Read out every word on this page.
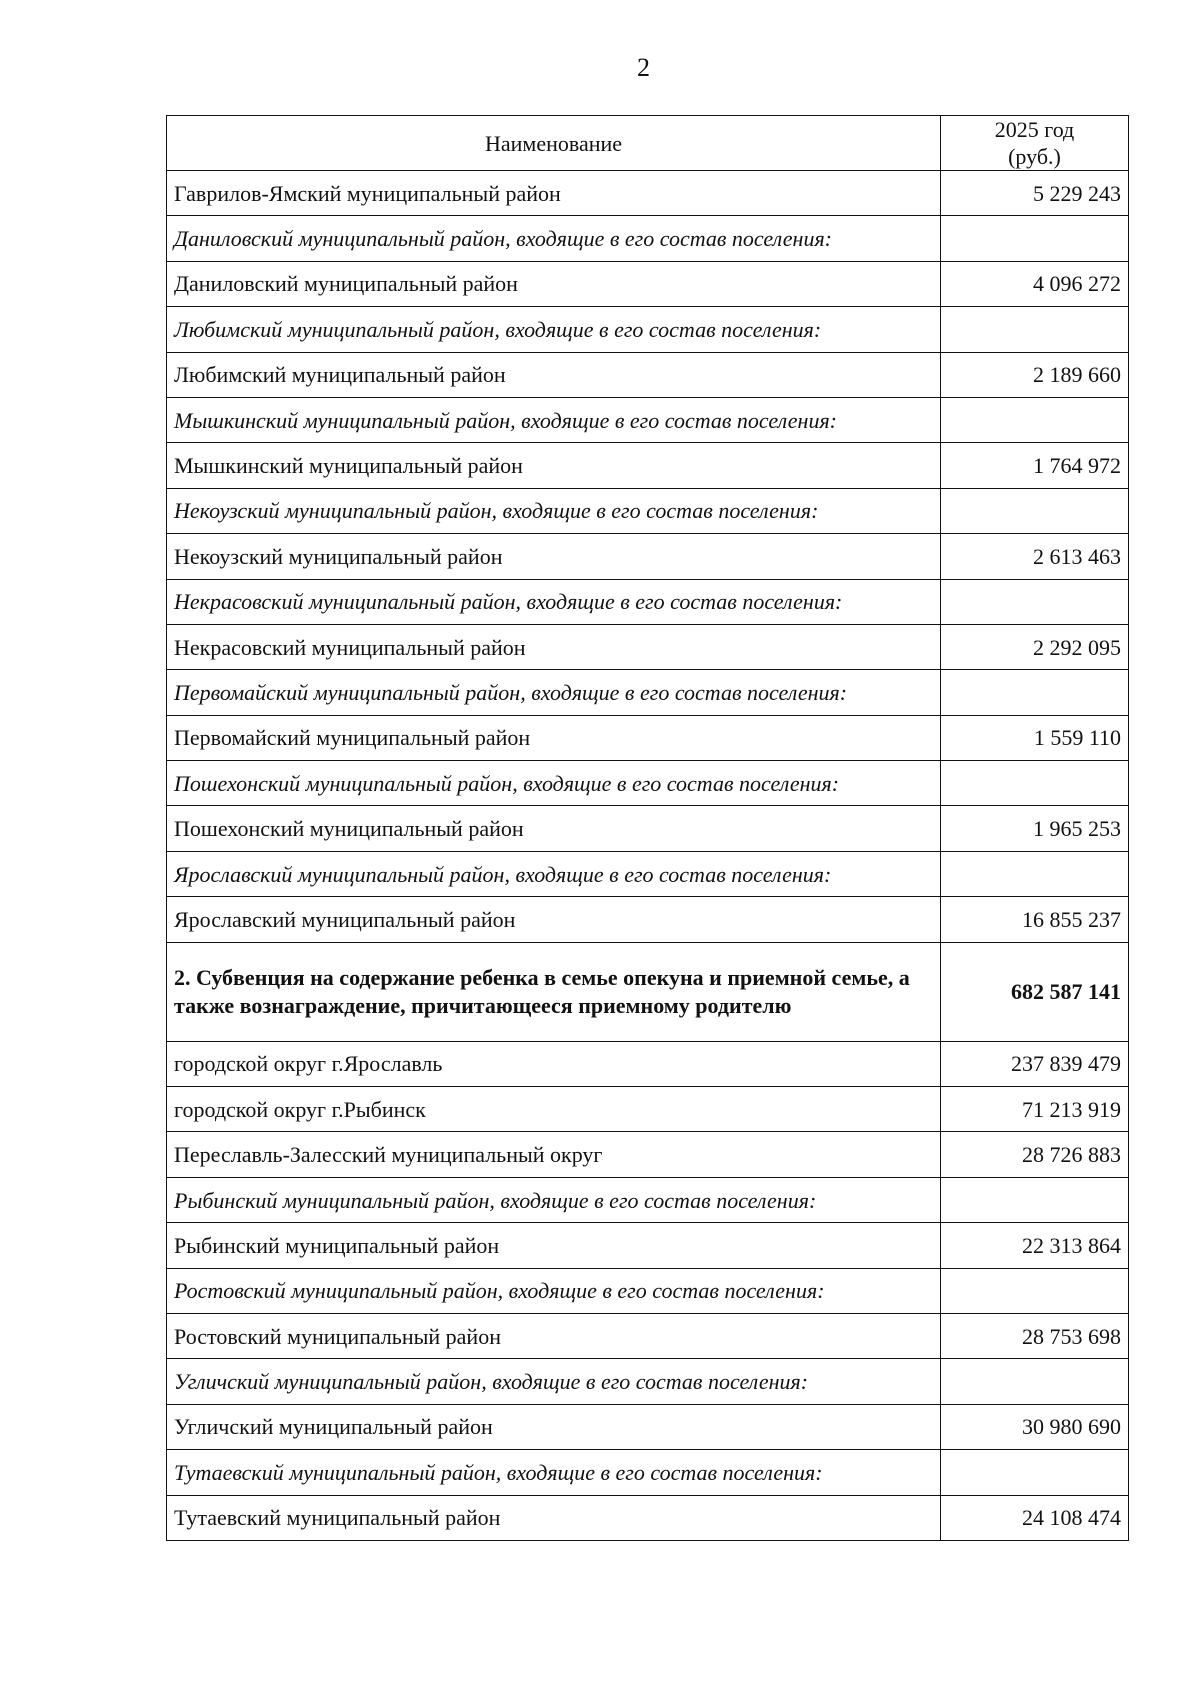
2
Наименование	2025 год
(руб.)

Гаврилов-Ямский муниципальный район	5 229 243
Даниловский муниципальный район, входящие в его состав поселения:	
Даниловский муниципальный район	4 096 272
Любимский муниципальный район, входящие в его состав поселения:	
Любимский муниципальный район	2 189 660
Мышкинский муниципальный район, входящие в его состав поселения:	
Мышкинский муниципальный район	1 764 972
Некоузский муниципальный район, входящие в его состав поселения:	
Некоузский муниципальный район	2 613 463
Некрасовский муниципальный район, входящие в его состав поселения:	
Некрасовский муниципальный район	2 292 095
Первомайский муниципальный район, входящие в его состав поселения:	
Первомайский муниципальный район	1 559 110
Пошехонский муниципальный район, входящие в его состав поселения:	
Пошехонский муниципальный район	1 965 253
Ярославский муниципальный район, входящие в его состав поселения:	
Ярославский муниципальный район	16 855 237
2. Субвенция на содержание ребенка в семье опекуна и приемной семье, а также вознаграждение, причитающееся приемному родителю	682 587 141
городской округ г.Ярославль	237 839 479
городской округ г.Рыбинск	71 213 919
Переславль-Залесский муниципальный округ	28 726 883
Рыбинский муниципальный район, входящие в его состав поселения:	
Рыбинский муниципальный район	22 313 864
Ростовский муниципальный район, входящие в его состав поселения:	
Ростовский муниципальный район	28 753 698
Угличский муниципальный район, входящие в его состав поселения:	
Угличский муниципальный район	30 980 690
Тутаевский муниципальный район, входящие в его состав поселения:	
Тутаевский муниципальный район	24 108 474
